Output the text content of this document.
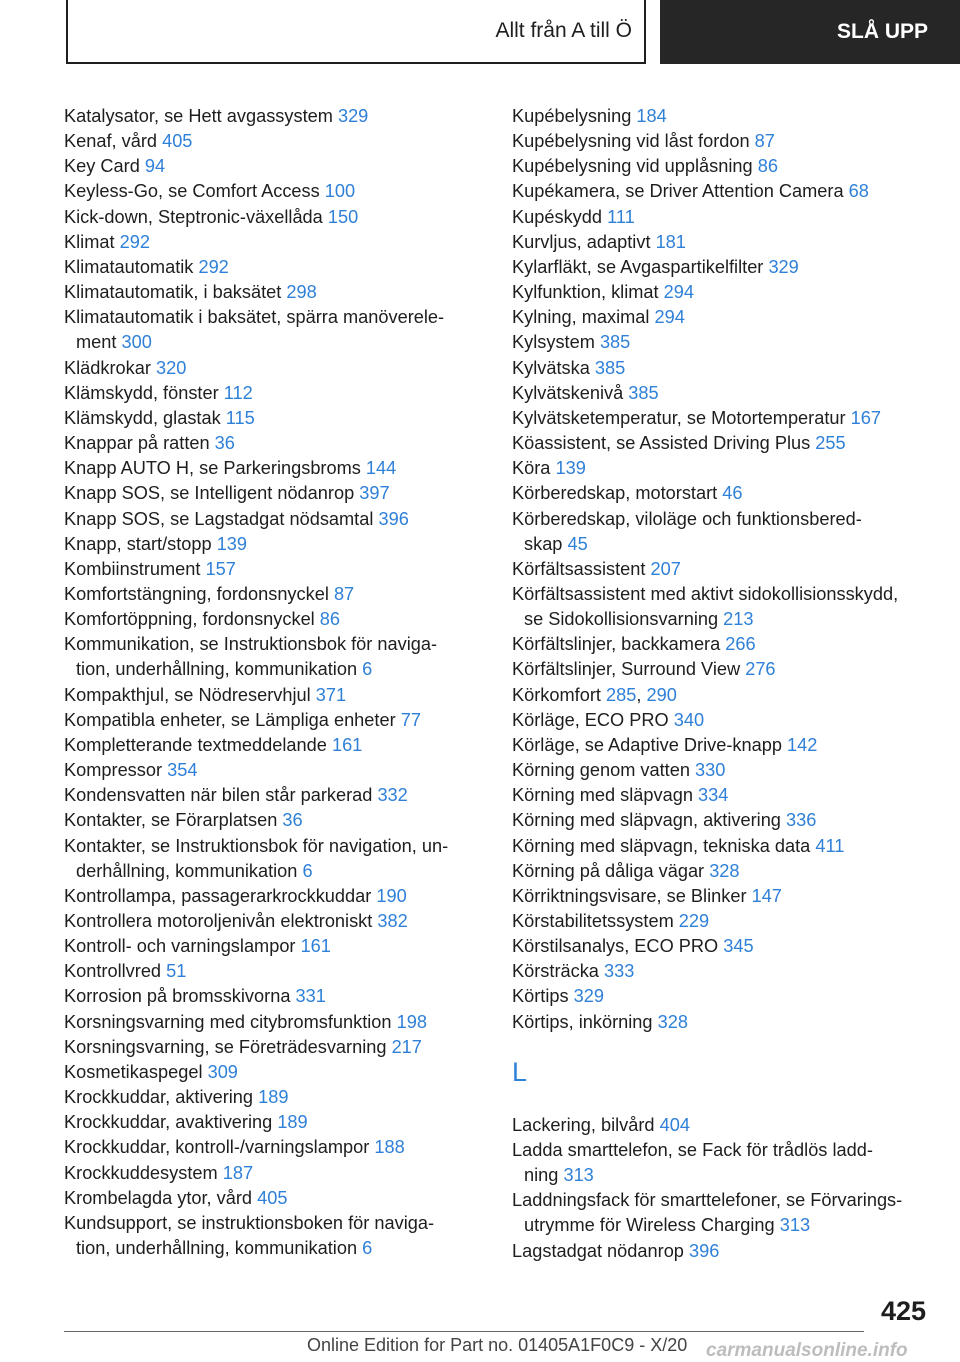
Allt från A till Ö	SLÅ UPP
Katalysator, se Hett avgassystem 329
Kenaf, vård 405
Key Card 94
Keyless-Go, se Comfort Access 100
Kick-down, Steptronic-växellåda 150
Klimat 292
Klimatautomatik 292
Klimatautomatik, i baksätet 298
Klimatautomatik i baksätet, spärra manöverele-
ment 300
Klädkrokar 320
Klämskydd, fönster 112
Klämskydd, glastak 115
Knappar på ratten 36
Knapp AUTO H, se Parkeringsbroms 144
Knapp SOS, se Intelligent nödanrop 397
Knapp SOS, se Lagstadgat nödsamtal 396
Knapp, start/stopp 139
Kombiinstrument 157
Komfortstängning, fordonsnyckel 87
Komfortöppning, fordonsnyckel 86
Kommunikation, se Instruktionsbok för naviga-
tion, underhållning, kommunikation 6
Kompakthjul, se Nödreservhjul 371
Kompatibla enheter, se Lämpliga enheter 77
Kompletterande textmeddelande 161
Kompressor 354
Kondensvatten när bilen står parkerad 332
Kontakter, se Förarplatsen 36
Kontakter, se Instruktionsbok för navigation, un-
derhållning, kommunikation 6
Kontrollampa, passagerarkrockkuddar 190
Kontrollera motoroljenivån elektroniskt 382
Kontroll- och varningslampor 161
Kontrollvred 51
Korrosion på bromsskivorna 331
Korsningsvarning med citybromsfunktion 198
Korsningsvarning, se Företrädesvarning 217
Kosmetikaspegel 309
Krockkuddar, aktivering 189
Krockkuddar, avaktivering 189
Krockkuddar, kontroll-/varningslampor 188
Krockkuddesystem 187
Krombelagda ytor, vård 405
Kundsupport, se instruktionsboken för naviga-
tion, underhållning, kommunikation 6
Kupébelysning 184
Kupébelysning vid låst fordon 87
Kupébelysning vid upplåsning 86
Kupékamera, se Driver Attention Camera 68
Kupéskydd 111
Kurvljus, adaptivt 181
Kylarfläkt, se Avgaspartikelfilter 329
Kylfunktion, klimat 294
Kylning, maximal 294
Kylsystem 385
Kylvätska 385
Kylvätskenivå 385
Kylvätsketemperatur, se Motortemperatur 167
Köassistent, se Assisted Driving Plus 255
Köra 139
Körberedskap, motorstart 46
Körberedskap, viloläge och funktionsbered-
skap 45
Körfältsassistent 207
Körfältsassistent med aktivt sidokollisionsskydd,
se Sidokollisionsvarning 213
Körfältslinjer, backkamera 266
Körfältslinjer, Surround View 276
Körkomfort 285, 290
Körläge, ECO PRO 340
Körläge, se Adaptive Drive-knapp 142
Körning genom vatten 330
Körning med släpvagn 334
Körning med släpvagn, aktivering 336
Körning med släpvagn, tekniska data 411
Körning på dåliga vägar 328
Körriktningsvisare, se Blinker 147
Körstabilitetssystem 229
Körstilsanalys, ECO PRO 345
Körsträcka 333
Körtips 329
Körtips, inkörning 328
L
Lackering, bilvård 404
Ladda smarttelefon, se Fack för trådlös ladd-
ning 313
Laddningsfack för smarttelefoner, se Förvarings-
utrymme för Wireless Charging 313
Lagstadgat nödanrop 396
425
Online Edition for Part no. 01405A1F0C9 - X/20 carmanualsonline.info
